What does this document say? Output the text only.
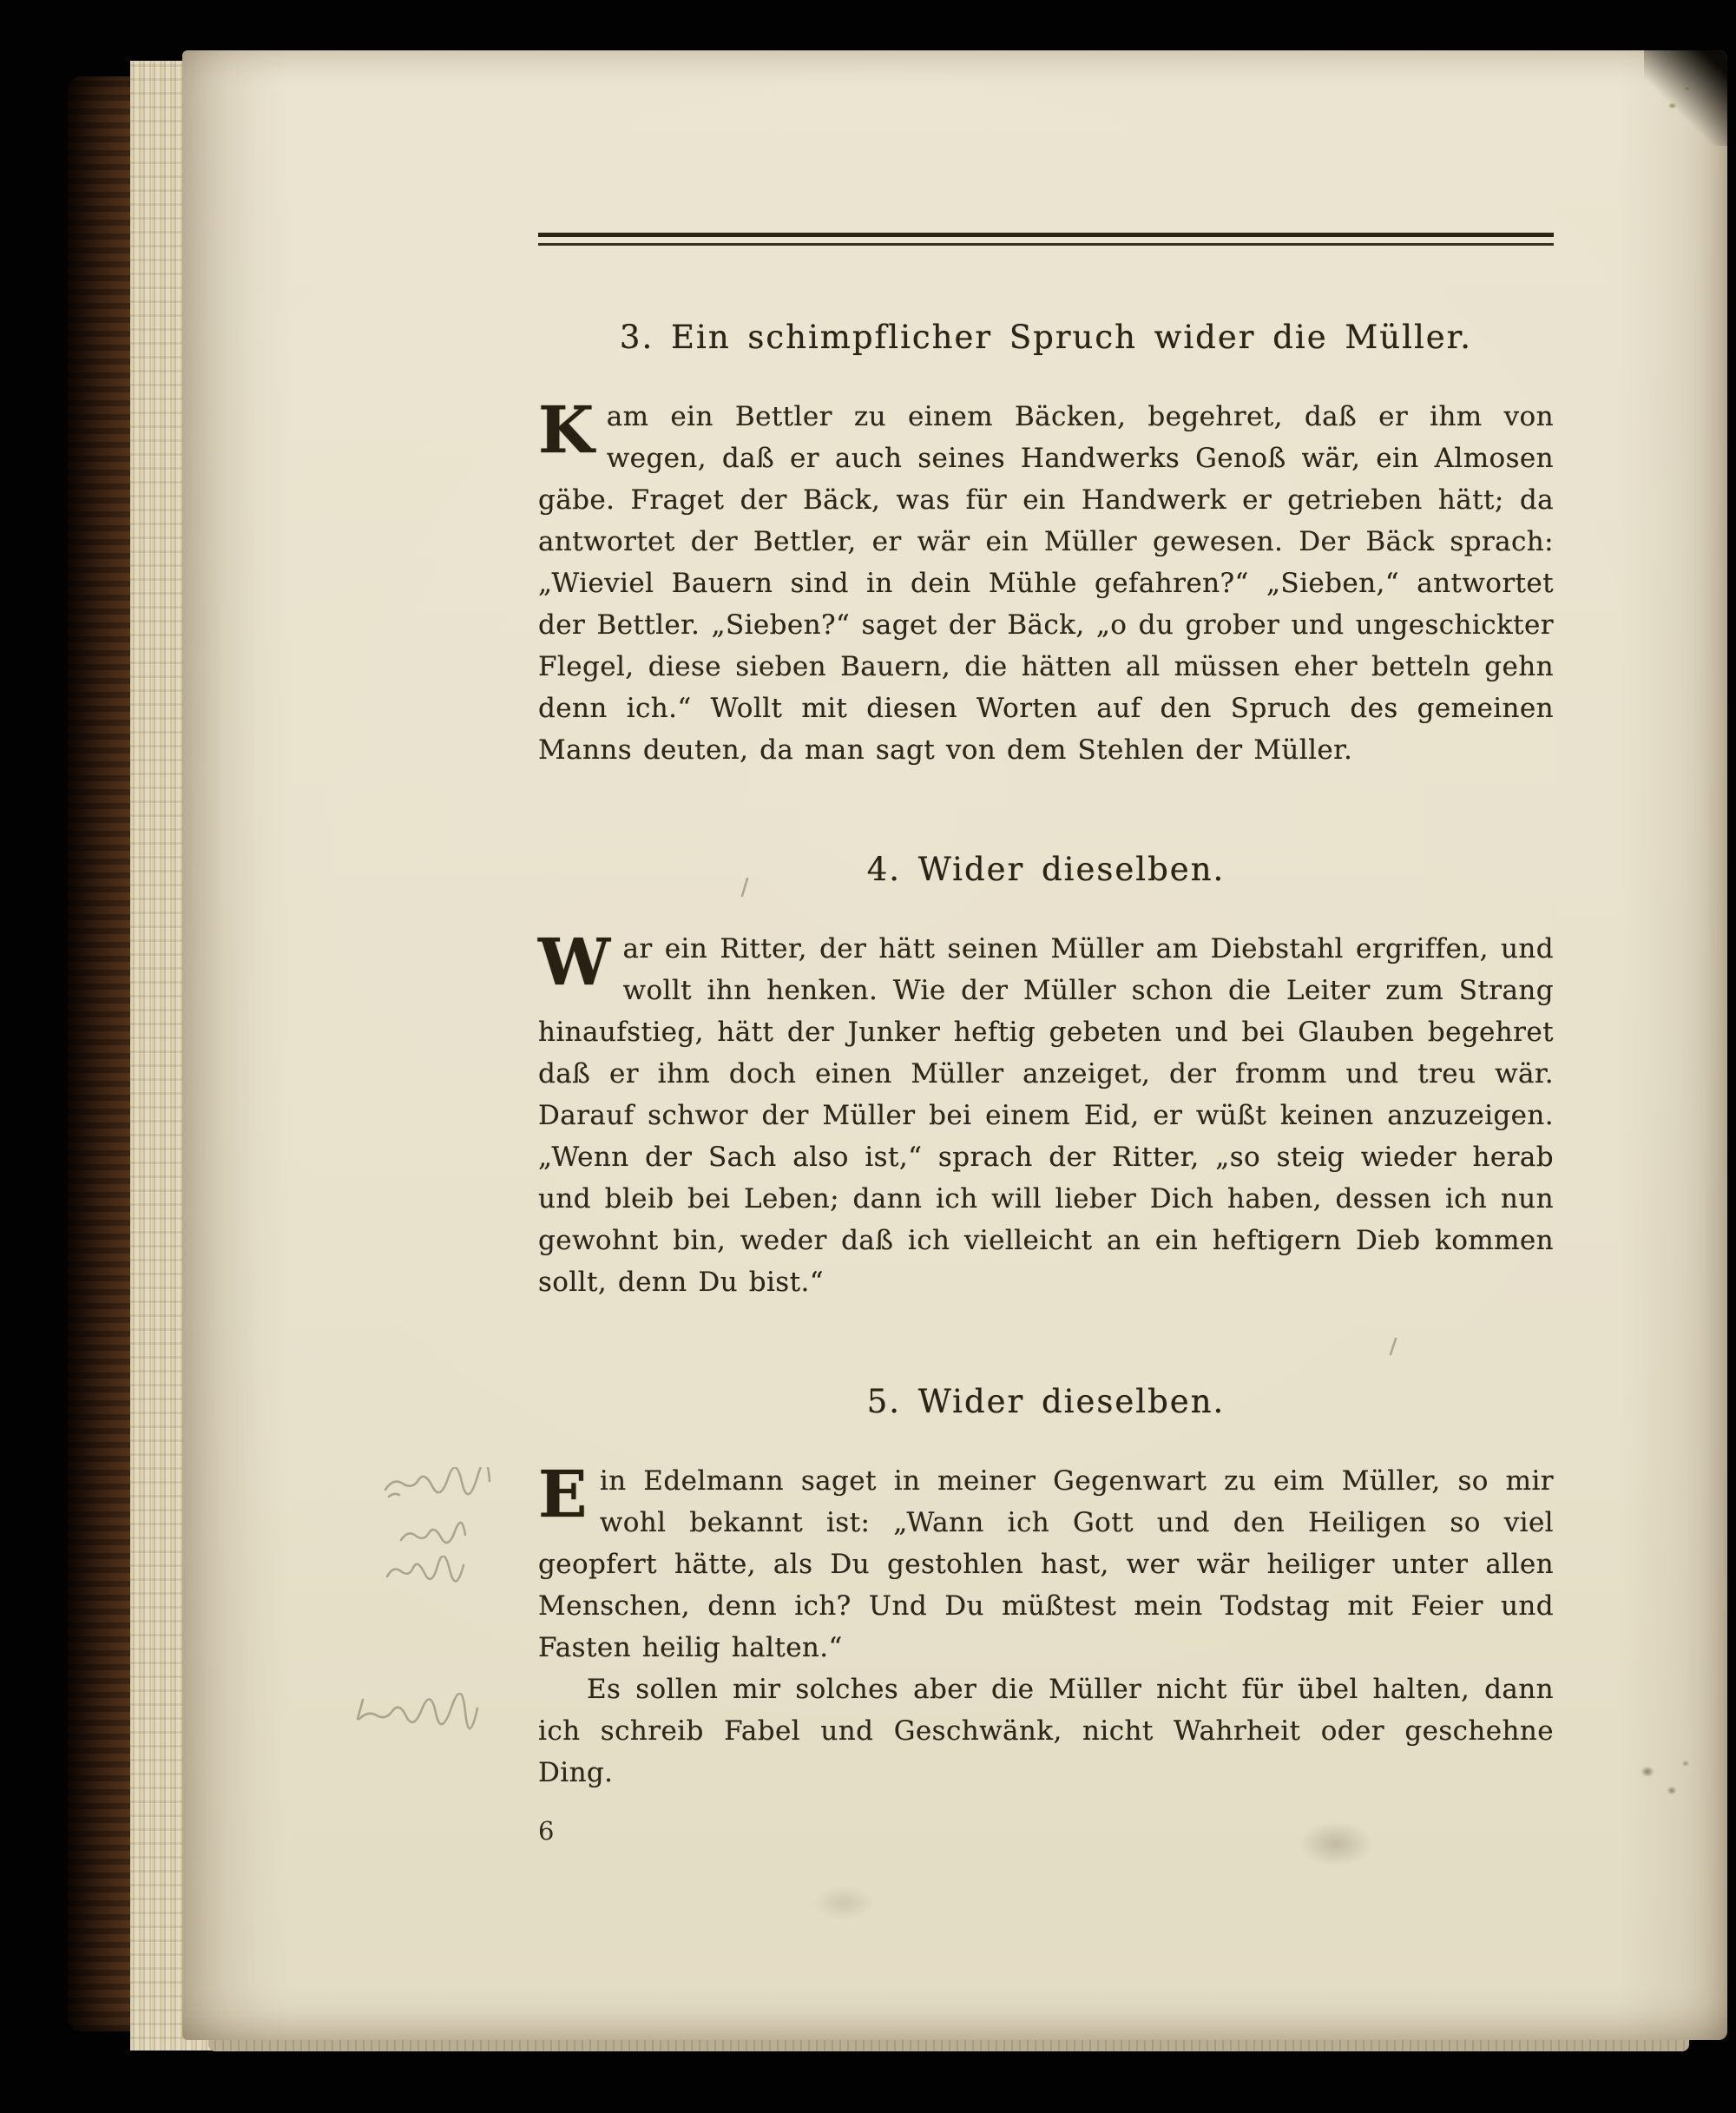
3. Ein schimpflicher Spruch wider die Müller.
Kam ein Bettler zu einem Bäcken, begehret, daß er ihm von wegen, daß er auch seines Handwerks Genoß wär, ein Almosen gäbe. Fraget der Bäck, was für ein Handwerk er getrieben hätt; da antwortet der Bettler, er wär ein Müller gewesen. Der Bäck sprach: „Wieviel Bauern sind in dein Mühle gefahren?“ „Sieben,“ antwortet der Bettler. „Sieben?“ saget der Bäck, „o du grober und ungeschickter Flegel, diese sieben Bauern, die hätten all müssen eher betteln gehn denn ich.“ Wollt mit diesen Worten auf den Spruch des gemeinen Manns deuten, da man sagt von dem Stehlen der Müller.
4. Wider dieselben.
War ein Ritter, der hätt seinen Müller am Diebstahl ergriffen, und wollt ihn henken. Wie der Müller schon die Leiter zum Strang hinaufstieg, hätt der Junker heftig gebeten und bei Glauben begehret daß er ihm doch einen Müller anzeiget, der fromm und treu wär. Darauf schwor der Müller bei einem Eid, er wüßt keinen anzuzeigen. „Wenn der Sach also ist,“ sprach der Ritter, „so steig wieder herab und bleib bei Leben; dann ich will lieber Dich haben, dessen ich nun gewohnt bin, weder daß ich vielleicht an ein heftigern Dieb kommen sollt, denn Du bist.“
5. Wider dieselben.
Ein Edelmann saget in meiner Gegenwart zu eim Müller, so mir wohl bekannt ist: „Wann ich Gott und den Heiligen so viel geopfert hätte, als Du gestohlen hast, wer wär heiliger unter allen Menschen, denn ich? Und Du müßtest mein Todstag mit Feier und Fasten heilig halten.“
Es sollen mir solches aber die Müller nicht für übel halten, dann ich schreib Fabel und Geschwänk, nicht Wahrheit oder geschehne Ding.
6
